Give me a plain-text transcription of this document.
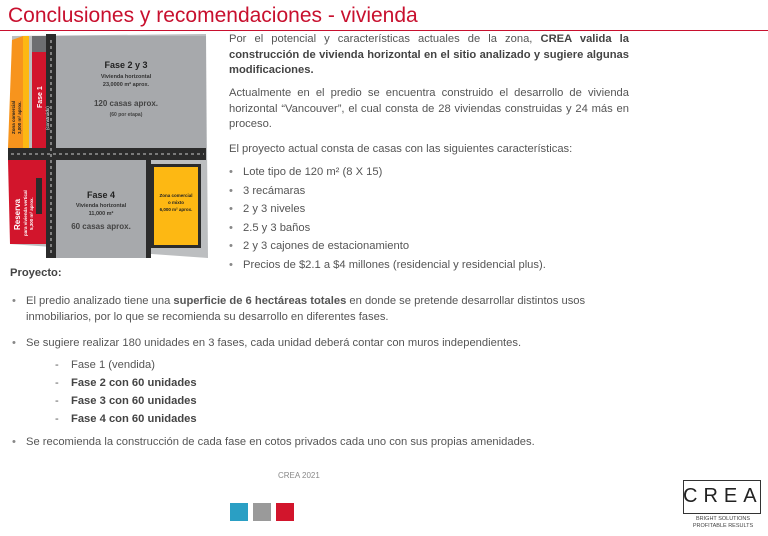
Conclusiones y recomendaciones - vivienda
Fase 2 y 3
Vivienda horizontal
23,0000 m² aprox.
120 casas aprox.
(60 por etapa)
Fase 1
(construido)
Zona comercial 3,000 m² aprox.
Fase 4
Vivienda horizontal
11,000 m²
60 casas aprox.
Reserva para vivienda vertical 5,300 m² aprox.
Zona comercial
o mixto
6,000 m² aprox.
Por el potencial y características actuales de la zona, CREA valida la construcción de vivienda horizontal en el sitio analizado y sugiere algunas modificaciones.
Actualmente en el predio se encuentra construido el desarrollo de vivienda horizontal “Vancouver”, el cual consta de 28 viviendas construidas y 24 más en proceso.
El proyecto actual consta de casas con las siguientes características:
• Lote tipo de 120 m² (8 X 15)
• 3 recámaras
• 2 y 3 niveles
• 2.5 y 3 baños
• 2 y 3 cajones de estacionamiento
• Precios de $2.1 a $4 millones (residencial y residencial plus).
Proyecto:
• El predio analizado tiene una superficie de 6 hectáreas totales en donde se pretende desarrollar distintos usos inmobiliarios, por lo que se recomienda su desarrollo en diferentes fases.
• Se sugiere realizar 180 unidades en 3 fases, cada unidad deberá contar con muros independientes.
- Fase 1 (vendida)
- Fase 2 con 60 unidades
- Fase 3 con 60 unidades
- Fase 4 con 60 unidades
• Se recomienda la construcción de cada fase en cotos privados cada uno con sus propias amenidades.
CREA 2021
CREA
BRIGHT SOLUTIONS
PROFITABLE RESULTS
